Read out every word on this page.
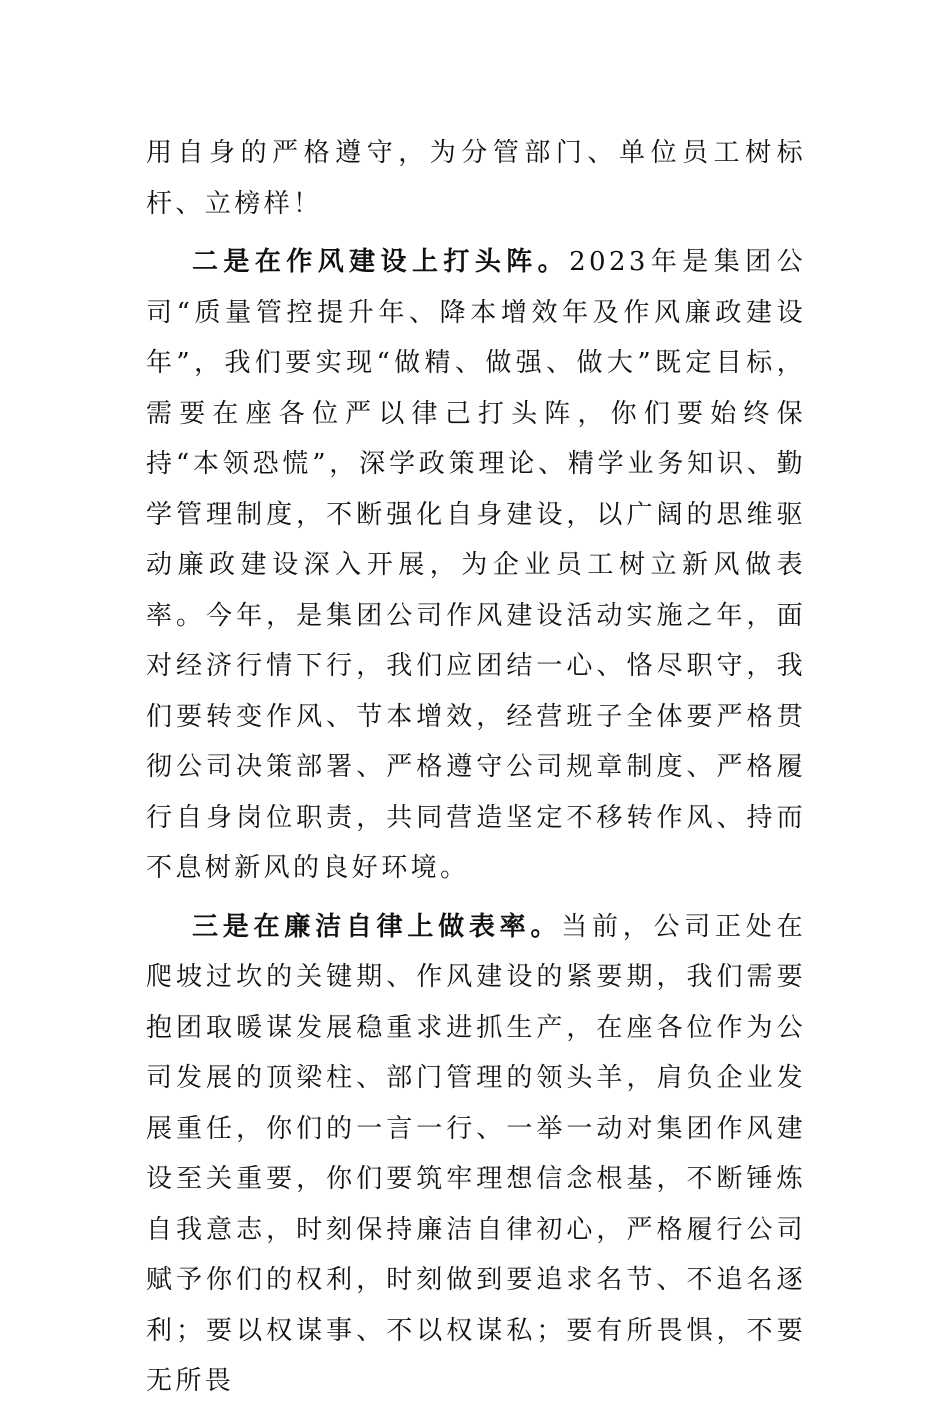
用自身的严格遵守，为分管部门、单位员工树标杆、立榜样！

二是在作风建设上打头阵。2023年是集团公司“质量管控提升年、降本增效年及作风廉政建设年”，我们要实现“做精、做强、做大”既定目标，需要在座各位严以律己打头阵，你们要始终保持“本领恐慌”，深学政策理论、精学业务知识、勤学管理制度，不断强化自身建设，以广阔的思维驱动廉政建设深入开展，为企业员工树立新风做表率。今年，是集团公司作风建设活动实施之年，面对经济行情下行，我们应团结一心、恪尽职守，我们要转变作风、节本增效，经营班子全体要严格贯彻公司决策部署、严格遵守公司规章制度、严格履行自身岗位职责，共同营造坚定不移转作风、持而不息树新风的良好环境。

三是在廉洁自律上做表率。当前，公司正处在爬坡过坎的关键期、作风建设的紧要期，我们需要抱团取暖谋发展稳重求进抓生产，在座各位作为公司发展的顶梁柱、部门管理的领头羊，肩负企业发展重任，你们的一言一行、一举一动对集团作风建设至关重要，你们要筑牢理想信念根基，不断锤炼自我意志，时刻保持廉洁自律初心，严格履行公司赋予你们的权利，时刻做到要追求名节、不追名逐利；要以权谋事、不以权谋私；要有所畏惧，不要无所畏
